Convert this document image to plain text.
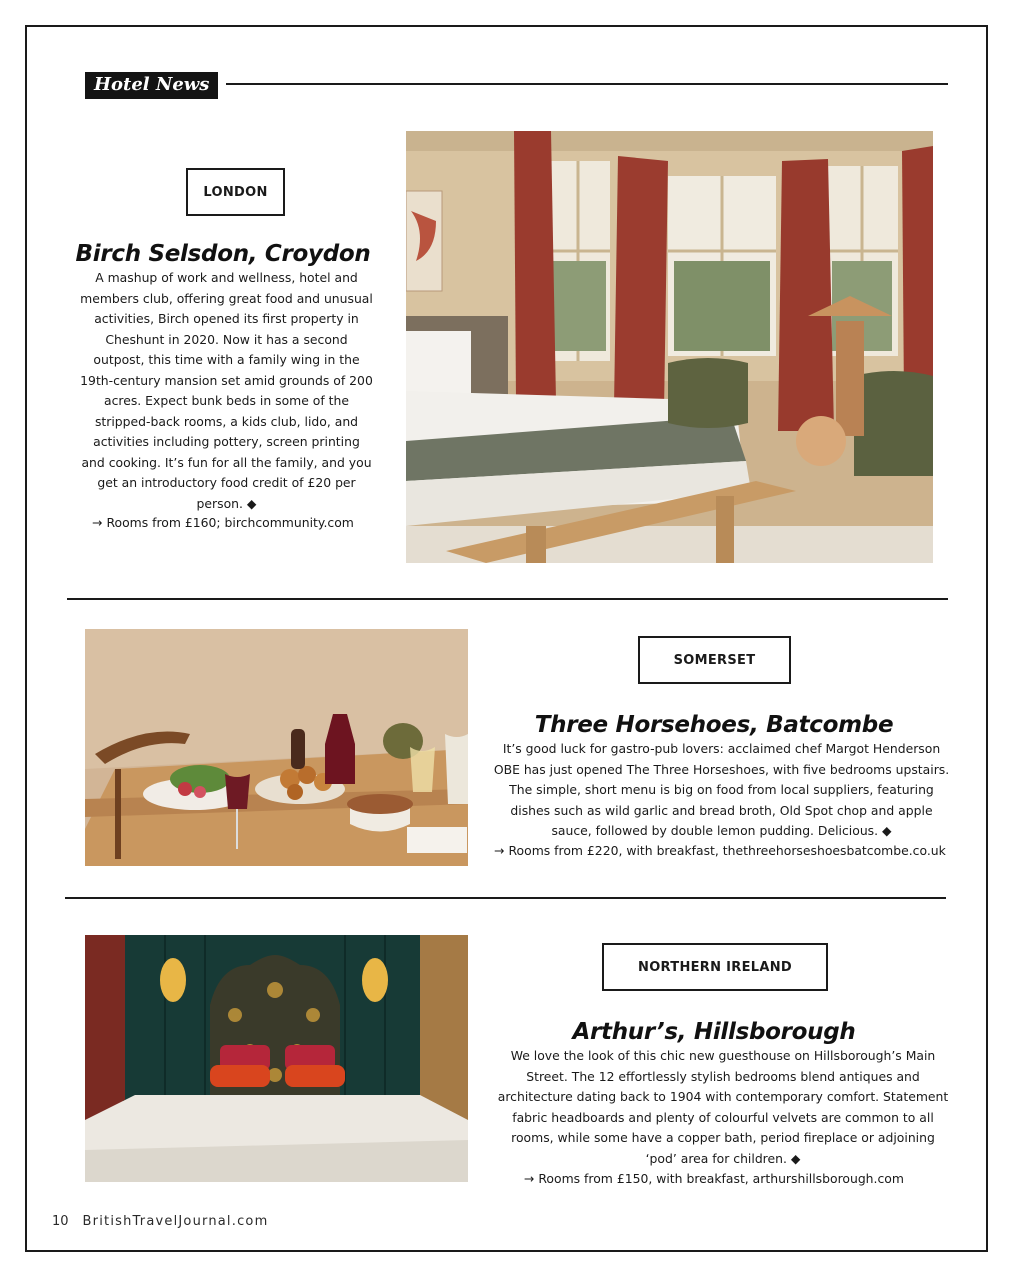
Hotel News
LONDON
Birch Selsdon, Croydon
A mashup of work and wellness, hotel and members club, offering great food and unusual activities, Birch opened its first property in Cheshunt in 2020. Now it has a second outpost, this time with a family wing in the 19th-century mansion set amid grounds of 200 acres. Expect bunk beds in some of the stripped-back rooms, a kids club, lido, and activities including pottery, screen printing and cooking. It’s fun for all the family, and you get an introductory food credit of £20 per person. ◆
→ Rooms from £160; birchcommunity.com
SOMERSET
Three Horsehoes, Batcombe
It’s good luck for gastro-pub lovers: acclaimed chef Margot Henderson OBE has just opened The Three Horseshoes, with five bedrooms upstairs. The simple, short menu is big on food from local suppliers, featuring dishes such as wild garlic and bread broth, Old Spot chop and apple sauce, followed by double lemon pudding. Delicious. ◆
→ Rooms from £220, with breakfast, thethreehorseshoesbatcombe.co.uk
NORTHERN IRELAND
Arthur’s, Hillsborough
We love the look of this chic new guesthouse on Hillsborough’s Main Street. The 12 effortlessly stylish bedrooms blend antiques and architecture dating back to 1904 with contemporary comfort. Statement fabric headboards and plenty of colourful velvets are common to all rooms, while some have a copper bath, period fireplace or adjoining ‘pod’ area for children. ◆
→ Rooms from £150, with breakfast, arthurshillsborough.com
10 BritishTravelJournal.com
